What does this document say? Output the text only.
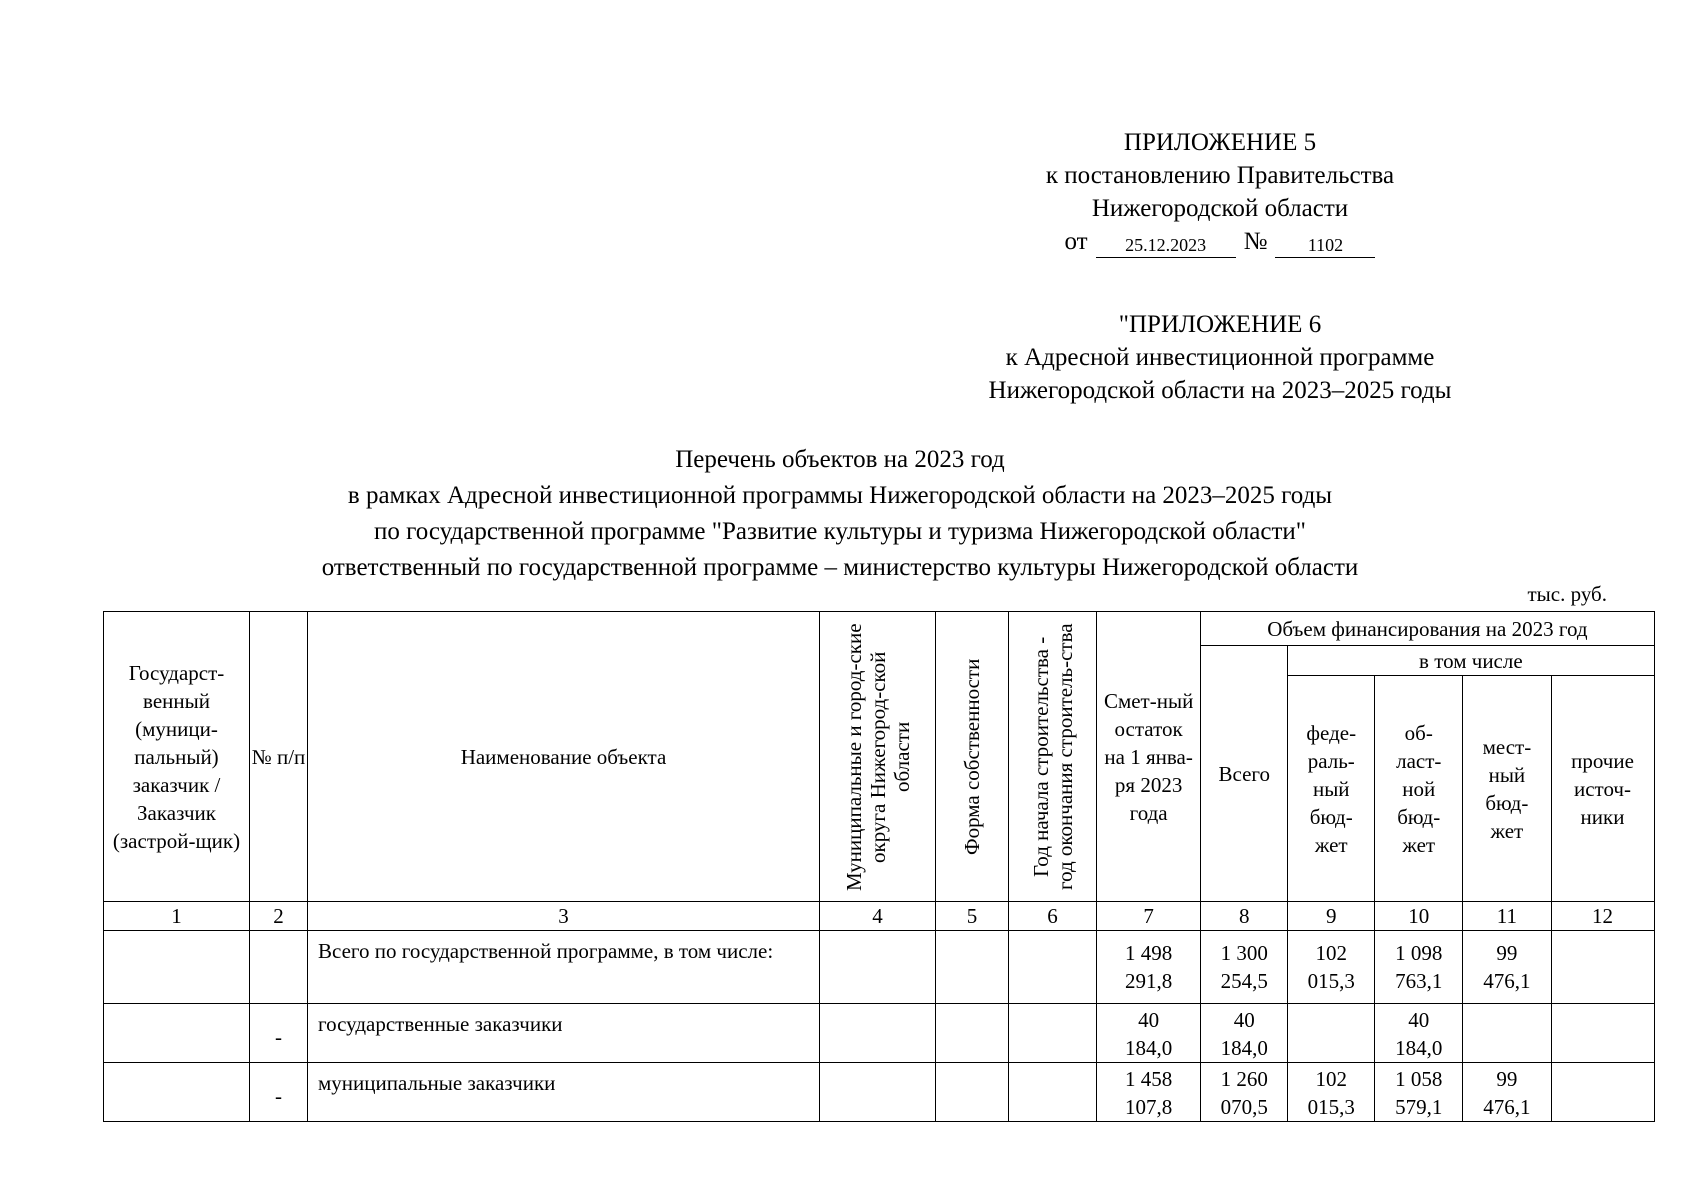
ПРИЛОЖЕНИЕ 5
к постановлению Правительства
Нижегородской области
от	25.12.2023	№	1102
"ПРИЛОЖЕНИЕ 6
к Адресной инвестиционной программе
Нижегородской области на 2023–2025 годы
Перечень объектов на 2023 год
в рамках Адресной инвестиционной программы Нижегородской области на 2023–2025 годы
по государственной программе "Развитие культуры и туризма Нижегородской области"
ответственный по государственной программе – министерство культуры Нижегородской области
тыс. руб.
Государст-венный (муници-пальный) заказчик / Заказчик (застрой-щик)	№ п/п	Наименование объекта	Муниципальные и город-ские округа Нижегород-ской области	Форма собственности	Год начала строительства - год окончания строитель-ства	Смет-ный остаток на 1 янва-ря 2023 года	Объем финансирования на 2023 год				
							Всего	в том числе			
								феде-раль-ный бюд-жет	об-ласт-ной бюд-жет	мест-ный бюд-жет	прочие источ-ники
1	2	3	4	5	6	7	8	9	10	11	12
		Всего по государственной программе, в том числе:				1 498 291,8	1 300 254,5	102 015,3	1 098 763,1	99 476,1	
	-	государственные заказчики				40 184,0	40 184,0		40 184,0		
	-	муниципальные заказчики				1 458 107,8	1 260 070,5	102 015,3	1 058 579,1	99 476,1	
